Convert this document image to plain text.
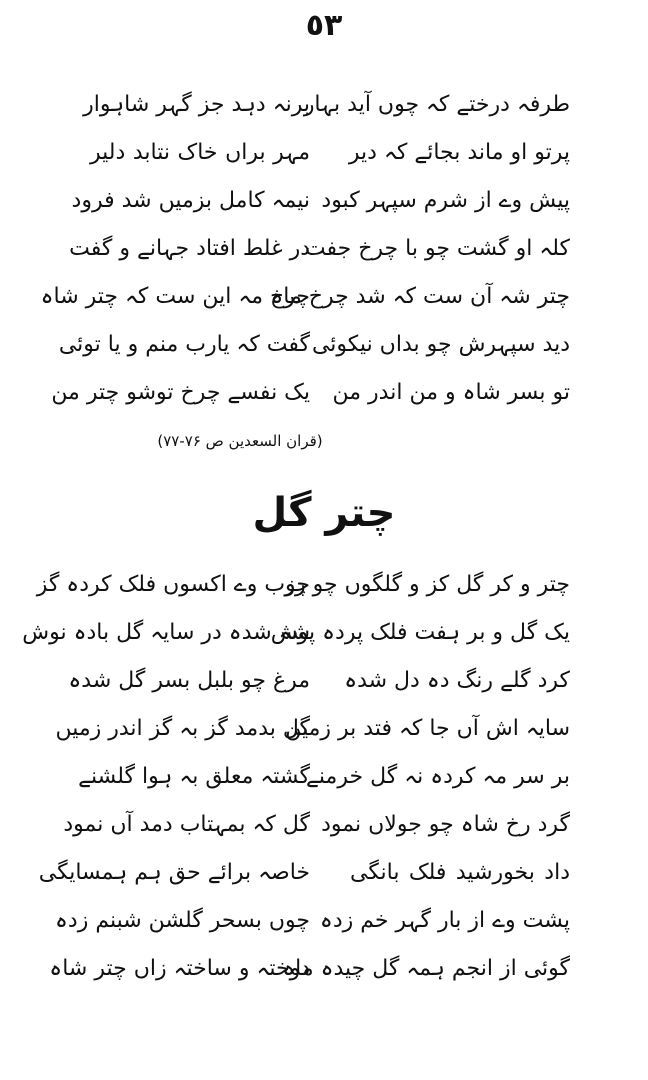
٥٣
طرفہ درختے کہ چوں آید بہار
برنہ دہد جز گہر شاہوار
پرتو او ماند بجائے کہ دیر
مہر براں خاک نتابد دلیر
پیش وے از شرم سپہر کبود
نیمہ کامل بزمیں شد فرود
کلہ او گشت چو با چرخ جفت
در غلط افتاد جہانے و گفت
چتر شہ آن ست کہ شد چرخ ماہ
چرخ مہ این ست کہ چتر شاہ
دید سپہرش چو بداں نیکوئی
گفت کہ یارب منم و یا توئی
تو بسر شاہ و من اندر من
یک نفسے چرخ توشو چتر من
(قران السعدین ص ۷۶-۷۷)
چتر گل
چتر و کر گل کز و گلگوں چو رز
چوب وے اکسوں فلک کردہ گز
یک گل و بر ہفت فلک پردہ پوش
شہ شدہ در سایہ گل بادہ نوش
کرد گلے رنگ دہ دل شدہ
مرغ چو بلبل بسر گل شدہ
سایہ اش آں جا کہ فتد بر زمین
گل بدمد گز بہ گز اندر زمیں
بر سر مہ کردہ نہ گل خرمنے
گشتہ معلق بہ ہوا گلشنے
گرد رخ شاہ چو جولاں نمود
گل کہ بمہتاب دمد آں نمود
داد بخورشید فلک بانگی
خاصہ برائے حق ہم ہمسایگی
پشت وے از بار گہر خم زدہ
چوں بسحر گلشن شبنم زدہ
گوئی از انجم ہمہ گل چیدہ ماہ
دوختہ و ساختہ زاں چتر شاہ
